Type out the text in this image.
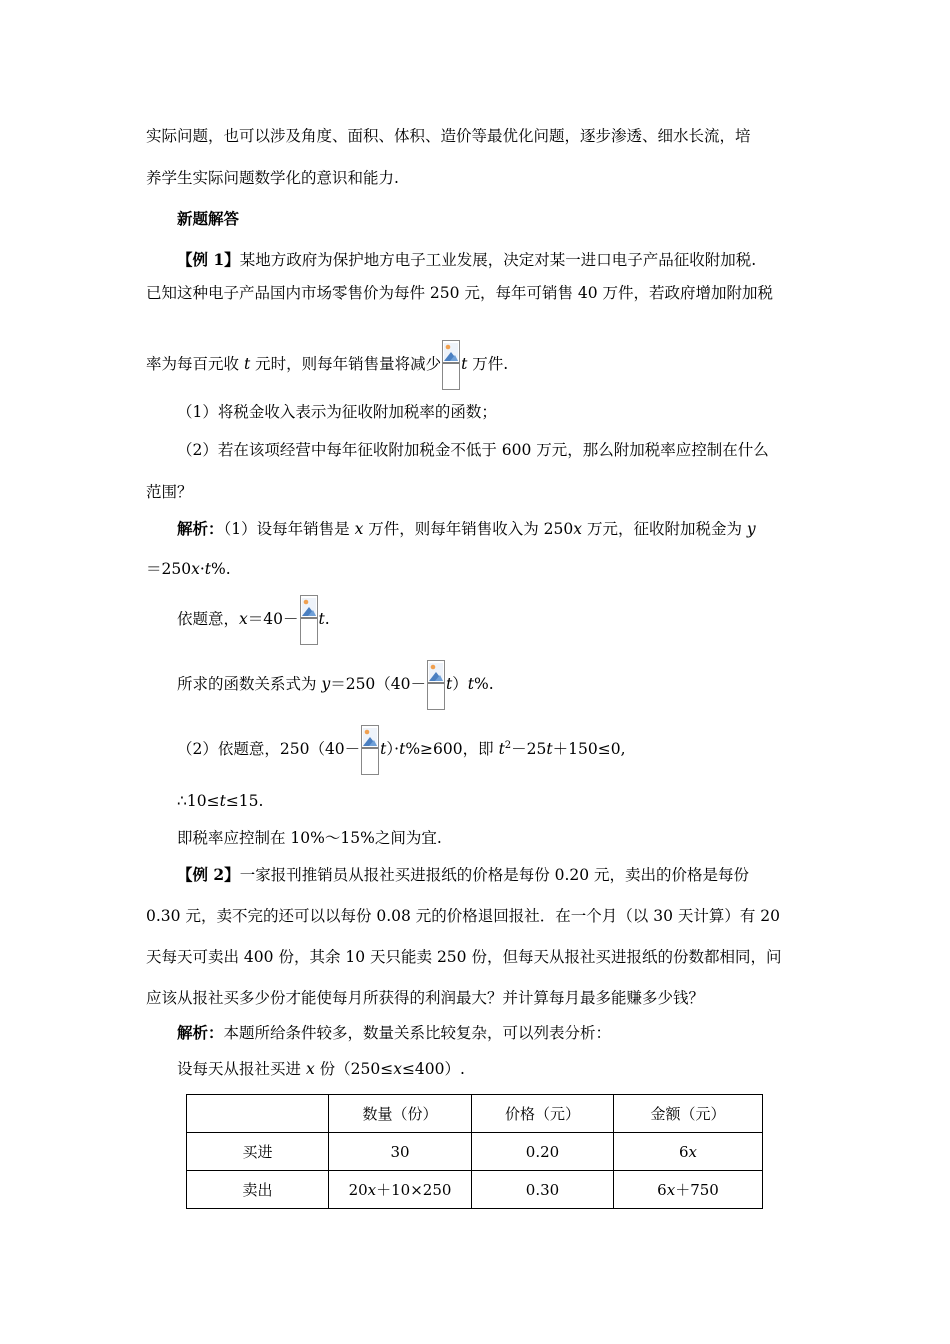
实际问题，也可以涉及角度、面积、体积、造价等最优化问题，逐步渗透、细水长流，培
养学生实际问题数学化的意识和能力.
新题解答
【例 1】某地方政府为保护地方电子工业发展，决定对某一进口电子产品征收附加税.
已知这种电子产品国内市场零售价为每件 250 元，每年可销售 40 万件，若政府增加附加税
率为每百元收 t 元时，则每年销售量将减少 t 万件.
（1）将税金收入表示为征收附加税率的函数；
（2）若在该项经营中每年征收附加税金不低于 600 万元，那么附加税率应控制在什么
范围？
解析：（1）设每年销售是 x 万件，则每年销售收入为 250x 万元，征收附加税金为 y
＝250x·t%.
依题意，x＝40－ t.
所求的函数关系式为 y＝250（40－ t）t%.
（2）依题意，250（40－ t）·t%≥600，即 $t^2-25t+150\le 0$,
∴10≤t≤15.
即税率应控制在 10%～15%之间为宜.
【例 2】一家报刊推销员从报社买进报纸的价格是每份 0.20 元，卖出的价格是每份
0.30 元，卖不完的还可以以每份 0.08 元的价格退回报社．在一个月（以 30 天计算）有 20
天每天可卖出 400 份，其余 10 天只能卖 250 份，但每天从报社买进报纸的份数都相同，问
应该从报社买多少份才能使每月所获得的利润最大？并计算每月最多能赚多少钱？
解析：本题所给条件较多，数量关系比较复杂，可以列表分析：
设每天从报社买进 x 份（250≤x≤400）.
	数量（份）	价格（元）	金额（元）
买进	30	0.20	6x
卖出	20x＋10×250	0.30	6x＋750
